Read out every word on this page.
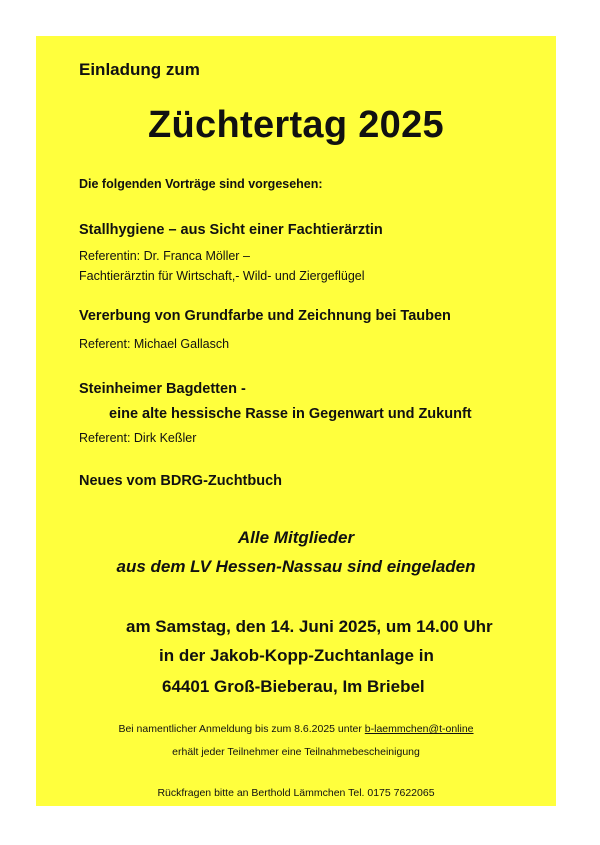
Einladung zum
Züchtertag 2025
Die folgenden Vorträge sind vorgesehen:
Stallhygiene – aus Sicht einer Fachtierärztin
Referentin: Dr. Franca Möller –
Fachtierärztin für Wirtschaft,- Wild- und Ziergeflügel
Vererbung von Grundfarbe und Zeichnung bei Tauben
Referent: Michael Gallasch
Steinheimer Bagdetten -
eine alte hessische Rasse in Gegenwart und Zukunft
Referent: Dirk Keßler
Neues vom BDRG-Zuchtbuch
Alle Mitglieder
aus dem LV Hessen-Nassau sind eingeladen
am Samstag, den 14. Juni 2025, um 14.00 Uhr
in der Jakob-Kopp-Zuchtanlage in
64401 Groß-Bieberau, Im Briebel
Bei namentlicher Anmeldung bis zum 8.6.2025 unter b-laemmchen@t-online
erhält jeder Teilnehmer eine Teilnahmebescheinigung
Rückfragen bitte an Berthold Lämmchen Tel. 0175 7622065
